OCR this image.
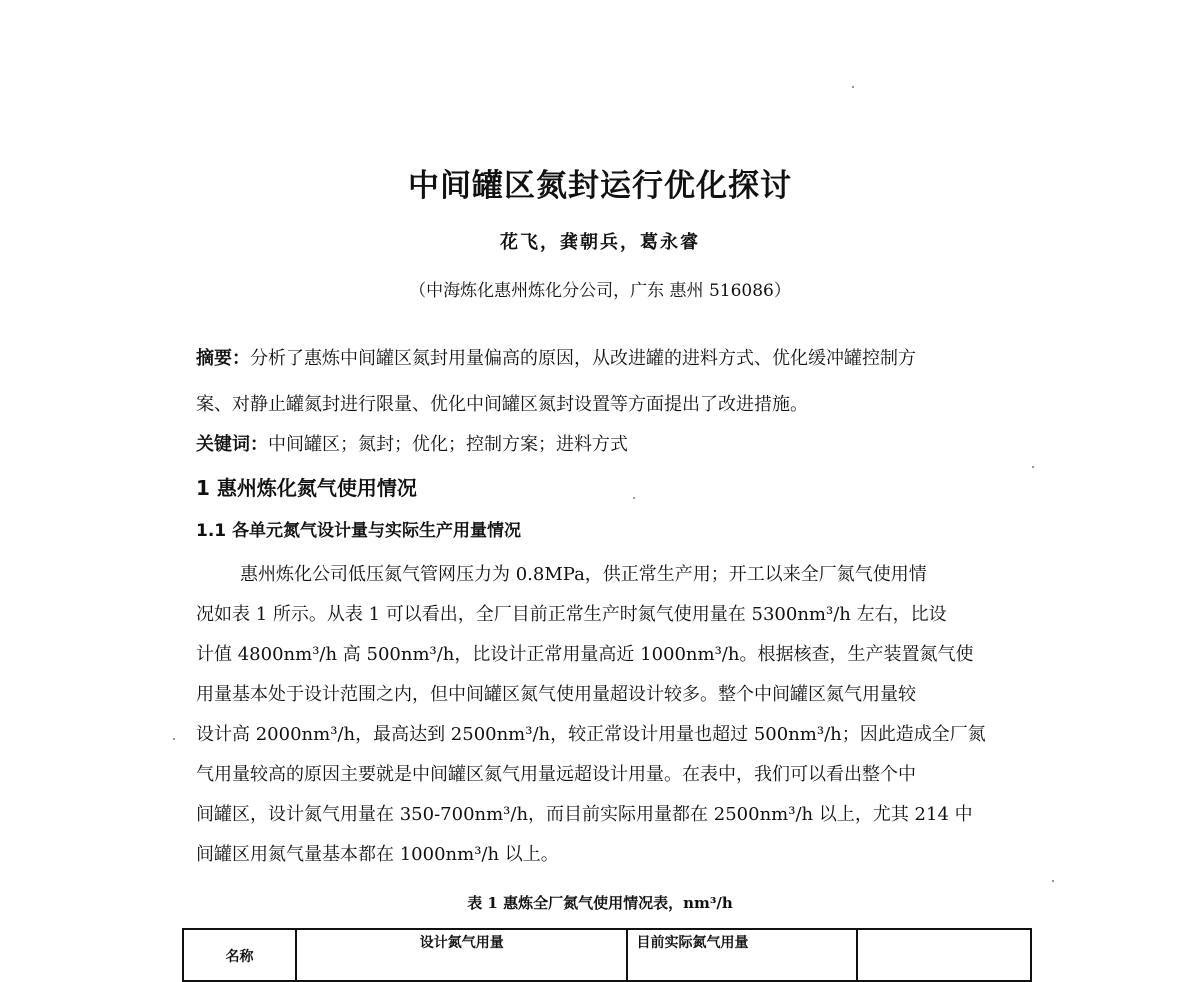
中间罐区氮封运行优化探讨
花飞，龚朝兵，葛永睿
（中海炼化惠州炼化分公司，广东 惠州 516086）
摘要：分析了惠炼中间罐区氮封用量偏高的原因，从改进罐的进料方式、优化缓冲罐控制方
案、对静止罐氮封进行限量、优化中间罐区氮封设置等方面提出了改进措施。
关键词：中间罐区；氮封；优化；控制方案；进料方式
1 惠州炼化氮气使用情况
1.1 各单元氮气设计量与实际生产用量情况
惠州炼化公司低压氮气管网压力为 0.8MPa，供正常生产用；开工以来全厂氮气使用情
况如表 1 所示。从表 1 可以看出，全厂目前正常生产时氮气使用量在 5300nm³/h 左右，比设
计值 4800nm³/h 高 500nm³/h，比设计正常用量高近 1000nm³/h。根据核查，生产装置氮气使
用量基本处于设计范围之内，但中间罐区氮气使用量超设计较多。整个中间罐区氮气用量较
设计高 2000nm³/h，最高达到 2500nm³/h，较正常设计用量也超过 500nm³/h；因此造成全厂氮
气用量较高的原因主要就是中间罐区氮气用量远超设计用量。在表中，我们可以看出整个中
间罐区，设计氮气用量在 350-700nm³/h，而目前实际用量都在 2500nm³/h 以上，尤其 214 中
间罐区用氮气量基本都在 1000nm³/h 以上。
表 1 惠炼全厂氮气使用情况表，nm³/h
名称	设计氮气用量	目前实际氮气用量	
